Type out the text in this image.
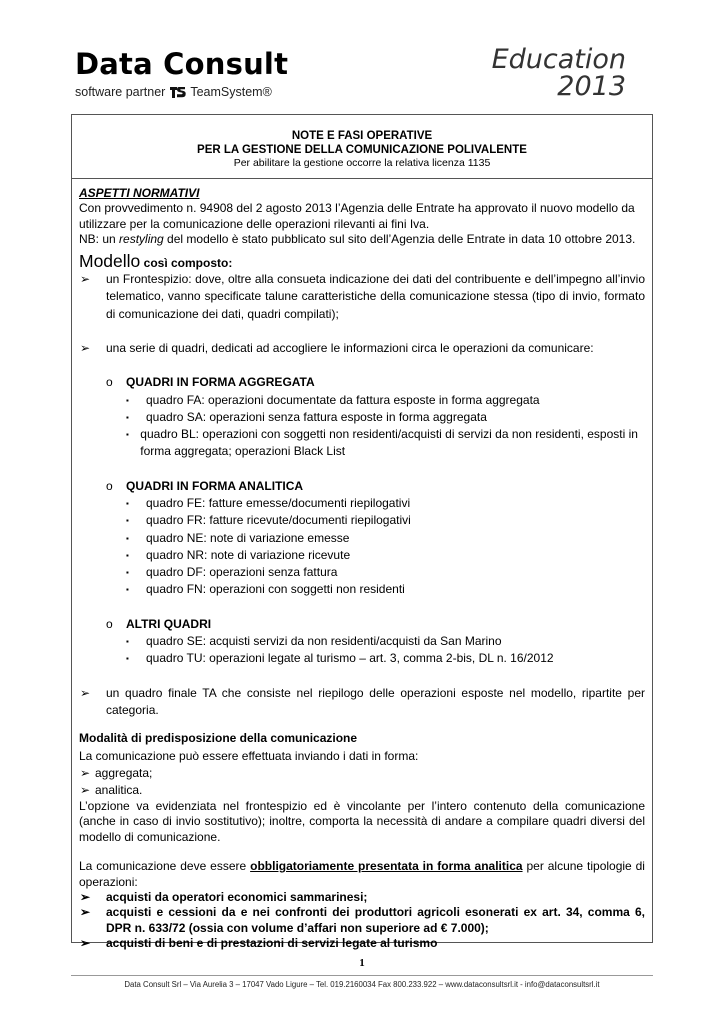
Data Consult
software partner TeamSystem®
Education
2013
NOTE E FASI OPERATIVE
PER LA GESTIONE DELLA COMUNICAZIONE POLIVALENTE
Per abilitare la gestione occorre la relativa licenza 1135
ASPETTI NORMATIVI
Con provvedimento n. 94908 del 2 agosto 2013 l’Agenzia delle Entrate ha approvato il nuovo modello da utilizzare per la comunicazione delle operazioni rilevanti ai fini Iva.
NB: un restyling del modello è stato pubblicato sul sito dell’Agenzia delle Entrate in data 10 ottobre 2013.
Modello così composto:
➢	un Frontespizio: dove, oltre alla consueta indicazione dei dati del contribuente e dell’impegno all’invio telematico, vanno specificate talune caratteristiche della comunicazione stessa (tipo di invio, formato di comunicazione dei dati, quadri compilati);
➢	una serie di quadri, dedicati ad accogliere le informazioni circa le operazioni da comunicare:
o	QUADRI IN FORMA AGGREGATA
▪	quadro FA: operazioni documentate da fattura esposte in forma aggregata
▪	quadro SA: operazioni senza fattura esposte in forma aggregata
▪ quadro BL: operazioni con soggetti non residenti/acquisti di servizi da non residenti, esposti in forma aggregata; operazioni Black List
o	QUADRI IN FORMA ANALITICA
▪	quadro FE: fatture emesse/documenti riepilogativi
▪	quadro FR: fatture ricevute/documenti riepilogativi
▪	quadro NE: note di variazione emesse
▪	quadro NR: note di variazione ricevute
▪	quadro DF: operazioni senza fattura
▪	quadro FN: operazioni con soggetti non residenti
o	ALTRI QUADRI
▪	quadro SE: acquisti servizi da non residenti/acquisti da San Marino
▪	quadro TU: operazioni legate al turismo – art. 3, comma 2-bis, DL n. 16/2012
➢	un quadro finale TA che consiste nel riepilogo delle operazioni esposte nel modello, ripartite per categoria.
Modalità di predisposizione della comunicazione
La comunicazione può essere effettuata inviando i dati in forma:
➢ aggregata;
➢ analitica.
L’opzione va evidenziata nel frontespizio ed è vincolante per l’intero contenuto della comunicazione (anche in caso di invio sostitutivo); inoltre, comporta la necessità di andare a compilare quadri diversi del modello di comunicazione.
La comunicazione deve essere obbligatoriamente presentata in forma analitica per alcune tipologie di operazioni:
➢	acquisti da operatori economici sammarinesi;
➢	acquisti e cessioni da e nei confronti dei produttori agricoli esonerati ex art. 34, comma 6, DPR n. 633/72 (ossia con volume d’affari non superiore ad € 7.000);
➢	acquisti di beni e di prestazioni di servizi legate al turismo
1
Data Consult Srl – Via Aurelia 3 – 17047 Vado Ligure – Tel. 019.2160034 Fax 800.233.922 – www.dataconsultsrl.it - info@dataconsultsrl.it
